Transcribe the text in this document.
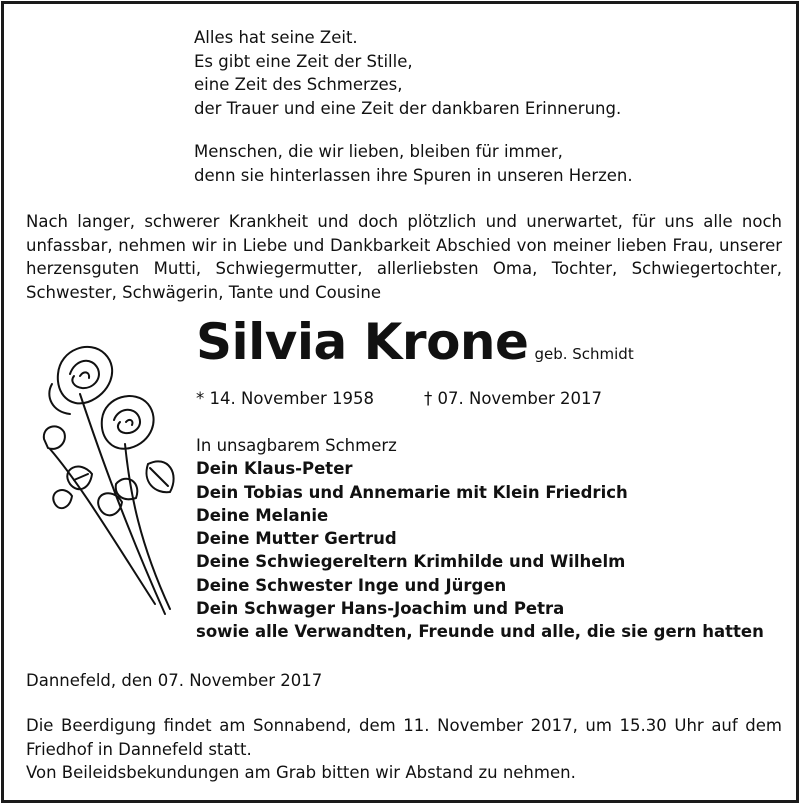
Alles hat seine Zeit.

Es gibt eine Zeit der Stille,

eine Zeit des Schmerzes,

der Trauer und eine Zeit der dankbaren Erinnerung.

Menschen, die wir lieben, bleiben für immer,

denn sie hinterlassen ihre Spuren in unseren Herzen.

Nach langer, schwerer Krankheit und doch plötzlich und unerwartet, für uns alle noch unfassbar, nehmen wir in Liebe und Dankbarkeit Abschied von meiner lieben Frau, unserer herzensguten Mutti, Schwiegermutter, allerliebsten Oma, Tochter, Schwiegertochter, Schwester, Schwägerin, Tante und Cousine

Silvia Krone geb. Schmidt
* 14. November 1958	† 07. November 2017
In unsagbarem Schmerz
Dein Klaus-Peter
Dein Tobias und Annemarie mit Klein Friedrich
Deine Melanie
Deine Mutter Gertrud
Deine Schwiegereltern Krimhilde und Wilhelm
Deine Schwester Inge und Jürgen
Dein Schwager Hans-Joachim und Petra
sowie alle Verwandten, Freunde und alle, die sie gern hatten
Dannefeld, den 07. November 2017

Die Beerdigung findet am Sonnabend, dem 11. November 2017, um 15.30 Uhr auf dem Friedhof in Dannefeld statt.

Von Beileidsbekundungen am Grab bitten wir Abstand zu nehmen.
